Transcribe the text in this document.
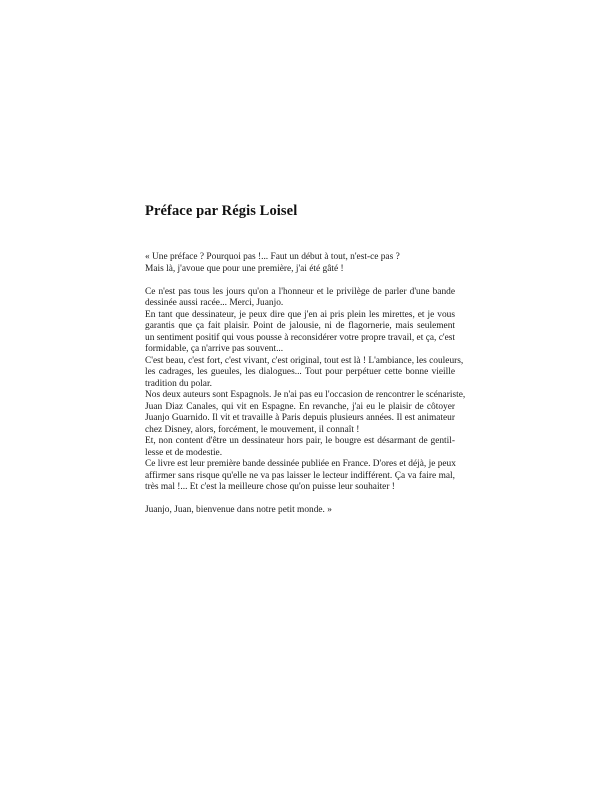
Préface par Régis Loisel
« Une préface ? Pourquoi pas !... Faut un début à tout, n'est-ce pas ?
Mais là, j'avoue que pour une première, j'ai été gâté !
Ce n'est pas tous les jours qu'on a l'honneur et le privilège de parler d'une bande
dessinée aussi racée... Merci, Juanjo.
En tant que dessinateur, je peux dire que j'en ai pris plein les mirettes, et je vous
garantis que ça fait plaisir. Point de jalousie, ni de flagornerie, mais seulement
un sentiment positif qui vous pousse à reconsidérer votre propre travail, et ça, c'est
formidable, ça n'arrive pas souvent...
C'est beau, c'est fort, c'est vivant, c'est original, tout est là ! L'ambiance, les couleurs,
les cadrages, les gueules, les dialogues... Tout pour perpétuer cette bonne vieille
tradition du polar.
Nos deux auteurs sont Espagnols. Je n'ai pas eu l'occasion de rencontrer le scénariste,
Juan Diaz Canales, qui vit en Espagne. En revanche, j'ai eu le plaisir de côtoyer
Juanjo Guarnido. Il vit et travaille à Paris depuis plusieurs années. Il est animateur
chez Disney, alors, forcément, le mouvement, il connaît !
Et, non content d'être un dessinateur hors pair, le bougre est désarmant de gentil-
lesse et de modestie.
Ce livre est leur première bande dessinée publiée en France. D'ores et déjà, je peux
affirmer sans risque qu'elle ne va pas laisser le lecteur indifférent. Ça va faire mal,
très mal !... Et c'est la meilleure chose qu'on puisse leur souhaiter !
Juanjo, Juan, bienvenue dans notre petit monde. »
